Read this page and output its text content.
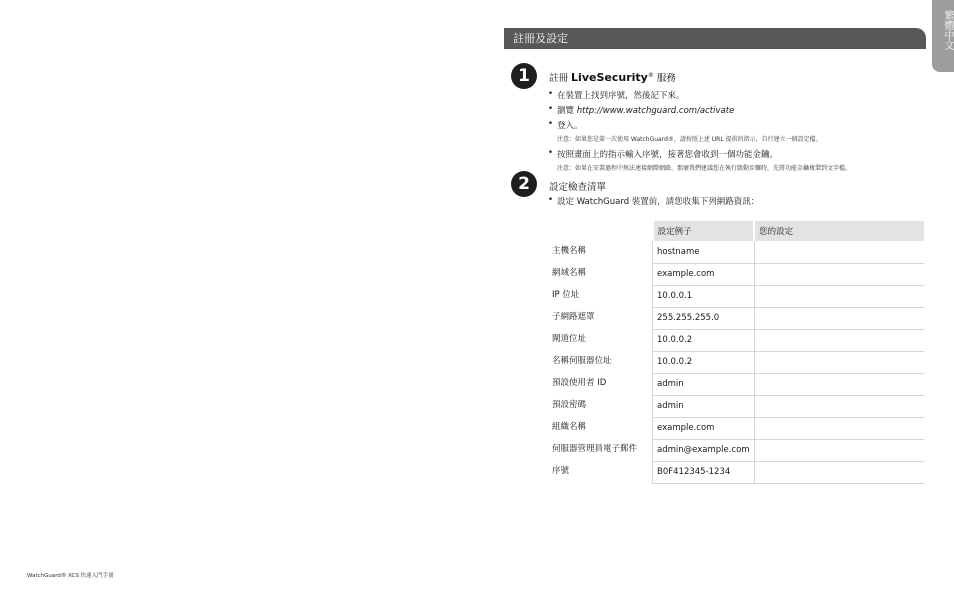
註冊及設定	繁體中文
1	註冊 LiveSecurity® 服務
• 在裝置上找到序號，然後記下來。
• 瀏覽 http://www.watchguard.com/activate
• 登入。
注意：如果您是第一次使用 WatchGuard®，請按照上述 URL 提供的指示，自行建立一個設定檔。
• 按照畫面上的指示輸入序號，接著您會收到一個功能金鑰。
注意：如果在安裝過程中無法連接網際網路，那麼我們建議您在執行啟動步驟時，先將功能金鑰複製到文字檔。
2	設定檢查清單
• 設定 WatchGuard 裝置前，請您收集下列網路資訊：
	設定例子	您的設定
主機名稱	hostname	
網域名稱	example.com	
IP 位址	10.0.0.1	
子網路遮罩	255.255.255.0	
閘道位址	10.0.0.2	
名稱伺服器位址	10.0.0.2	
預設使用者 ID	admin	
預設密碼	admin	
組織名稱	example.com	
伺服器管理員電子郵件	admin@example.com	
序號	B0F412345-1234	
WatchGuard® XCS 快速入門手冊
